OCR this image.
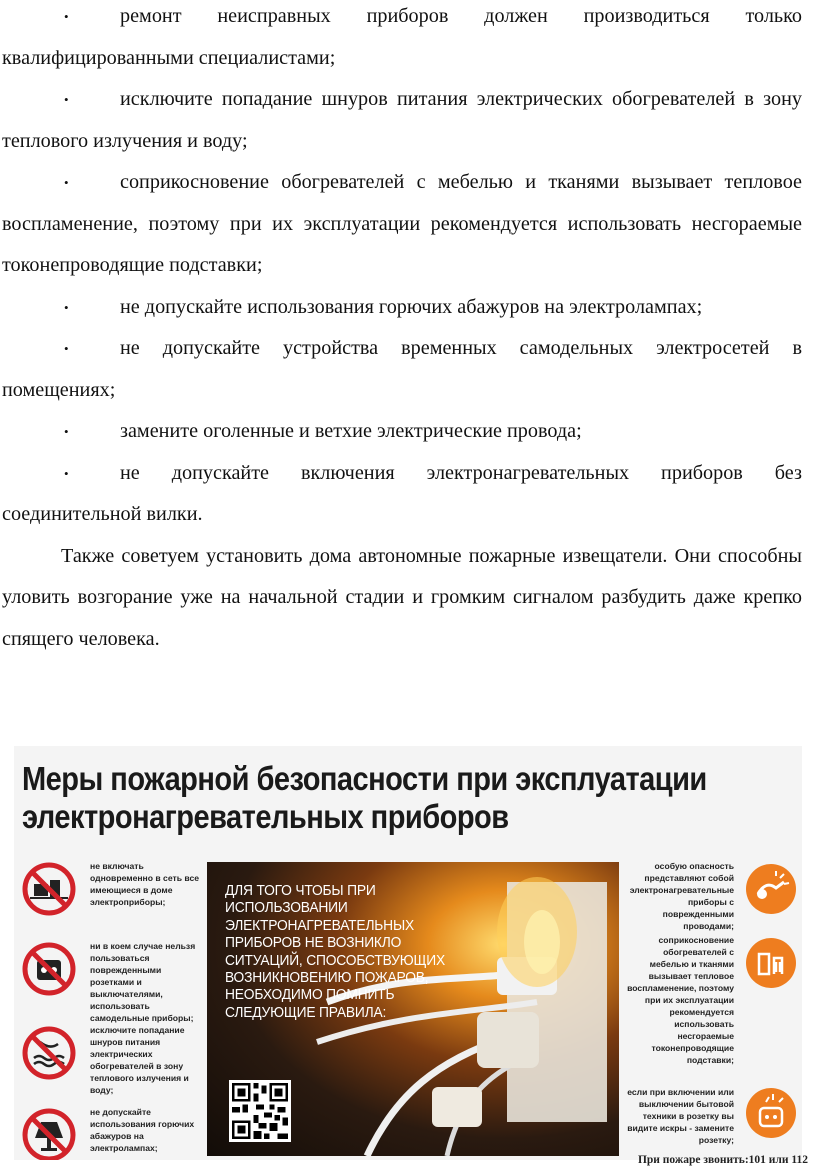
•	ремонт неисправных приборов должен производиться только квалифицированными специалистами;
•	исключите попадание шнуров питания электрических обогревателей в зону теплового излучения и воду;
•	соприкосновение обогревателей с мебелью и тканями вызывает тепловое воспламенение, поэтому при их эксплуатации рекомендуется использовать несгораемые токонепроводящие подставки;
•	не допускайте использования горючих абажуров на электролампах;
•	не допускайте устройства временных самодельных электросетей в помещениях;
•	замените оголенные и ветхие электрические провода;
•	не допускайте включения электронагревательных приборов без соединительной вилки.

Также советуем установить дома автономные пожарные извещатели. Они способны уловить возгорание уже на начальной стадии и громким сигналом разбудить даже крепко спящего человека.

Меры пожарной безопасности при эксплуатации
электронагревательных приборов
не включать одновременно в сеть все имеющиеся в доме электроприборы;
ни в коем случае нельзя пользоваться поврежденными розетками и выключателями, использовать самодельные приборы;
исключите попадание шнуров питания электрических обогревателей в зону теплового излучения и воду;
не допускайте использования горючих абажуров на электролампах;
ДЛЯ ТОГО ЧТОБЫ ПРИ ИСПОЛЬЗОВАНИИ ЭЛЕКТРОНАГРЕВАТЕЛЬНЫХ ПРИБОРОВ НЕ ВОЗНИКЛО СИТУАЦИЙ, СПОСОБСТВУЮЩИХ ВОЗНИКНОВЕНИЮ ПОЖАРОВ, НЕОБХОДИМО ПОМНИТЬ СЛЕДУЮЩИЕ ПРАВИЛА:
особую опасность представляют собой электронагревательные приборы с поврежденными проводами;
соприкосновение обогревателей с мебелью и тканями вызывает тепловое воспламенение, поэтому при их эксплуатации рекомендуется использовать несгораемые токонепроводящие подставки;
если при включении или выключении бытовой техники в розетку вы видите искры - замените розетку;
При пожаре звонить:101 или 112
